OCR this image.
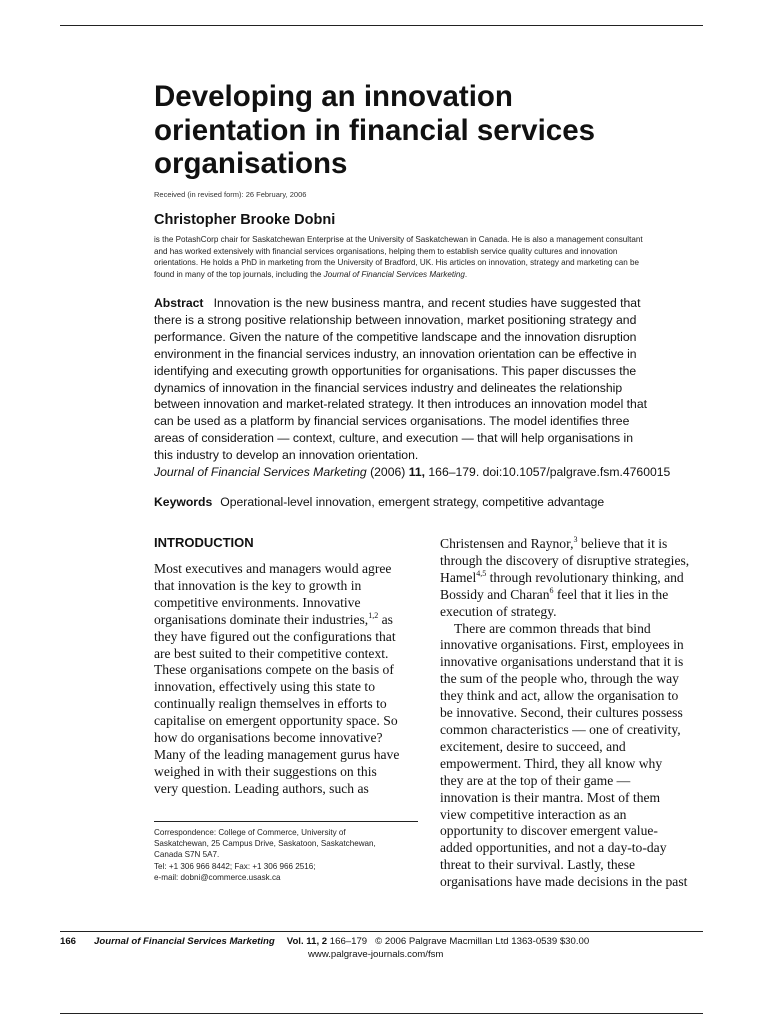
Developing an innovation
orientation in financial services
organisations
Received (in revised form): 26 February, 2006
Christopher Brooke Dobni
is the PotashCorp chair for Saskatchewan Enterprise at the University of Saskatchewan in Canada. He is also a management consultant
and has worked extensively with financial services organisations, helping them to establish service quality cultures and innovation
orientations. He holds a PhD in marketing from the University of Bradford, UK. His articles on innovation, strategy and marketing can be
found in many of the top journals, including the Journal of Financial Services Marketing.
Abstract Innovation is the new business mantra, and recent studies have suggested that
there is a strong positive relationship between innovation, market positioning strategy and
performance. Given the nature of the competitive landscape and the innovation disruption
environment in the financial services industry, an innovation orientation can be effective in
identifying and executing growth opportunities for organisations. This paper discusses the
dynamics of innovation in the financial services industry and delineates the relationship
between innovation and market-related strategy. It then introduces an innovation model that
can be used as a platform by financial services organisations. The model identifies three
areas of consideration — context, culture, and execution — that will help organisations in
this industry to develop an innovation orientation.
Journal of Financial Services Marketing (2006) 11, 166–179. doi:10.1057/palgrave.fsm.4760015
Keywords Operational-level innovation, emergent strategy, competitive advantage
INTRODUCTION
Most executives and managers would agree
that innovation is the key to growth in
competitive environments. Innovative
organisations dominate their industries,$^{1,2}$ as
they have figured out the configurations that
are best suited to their competitive context.
These organisations compete on the basis of
innovation, effectively using this state to
continually realign themselves in efforts to
capitalise on emergent opportunity space. So
how do organisations become innovative?
Many of the leading management gurus have
weighed in with their suggestions on this
very question. Leading authors, such as
Correspondence: College of Commerce, University of
Saskatchewan, 25 Campus Drive, Saskatoon, Saskatchewan,
Canada S7N 5A7.
Tel: +1 306 966 8442; Fax: +1 306 966 2516;
e-mail: dobni@commerce.usask.ca
Christensen and Raynor,$^3$ believe that it is
through the discovery of disruptive strategies,
Hamel$^{4,5}$ through revolutionary thinking, and
Bossidy and Charan$^6$ feel that it lies in the
execution of strategy.
There are common threads that bind
innovative organisations. First, employees in
innovative organisations understand that it is
the sum of the people who, through the way
they think and act, allow the organisation to
be innovative. Second, their cultures possess
common characteristics — one of creativity,
excitement, desire to succeed, and
empowerment. Third, they all know why
they are at the top of their game —
innovation is their mantra. Most of them
view competitive interaction as an
opportunity to discover emergent value-
added opportunities, and not a day-to-day
threat to their survival. Lastly, these
organisations have made decisions in the past
166 Journal of Financial Services Marketing Vol. 11, 2 166–179 © 2006 Palgrave Macmillan Ltd 1363-0539 $30.00
www.palgrave-journals.com/fsm
